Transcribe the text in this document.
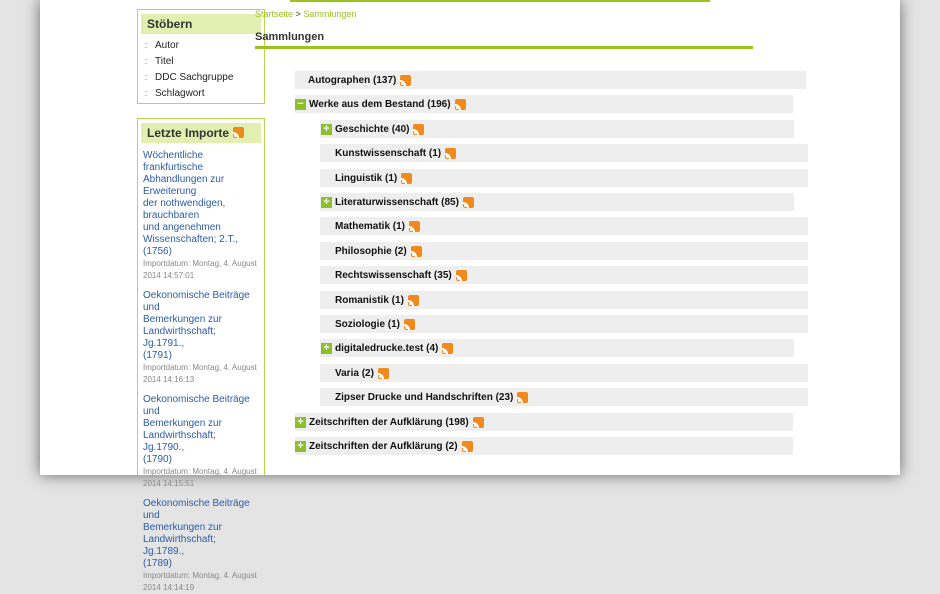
Stöbern
:: Autor
:: Titel
:: DDC Sachgruppe
:: Schlagwort
Letzte Importe
Wöchentliche frankfurtische
Abhandlungen zur Erweiterung
der nothwendigen, brauchbaren
und angenehmen
Wissenschaften; 2.T., (1756)
Importdatum: Montag, 4. August
2014 14:57:01
Oekonomische Beiträge und
Bemerkungen zur
Landwirthschaft; Jg.1791.,
(1791)
Importdatum: Montag, 4. August
2014 14:16:13
Oekonomische Beiträge und
Bemerkungen zur
Landwirthschaft; Jg.1790.,
(1790)
Importdatum: Montag, 4. August
2014 14:15:51
Oekonomische Beiträge und
Bemerkungen zur
Landwirthschaft; Jg.1789.,
(1789)
Importdatum: Montag, 4. August
2014 14:14:19
Startseite > Sammlungen
Sammlungen
Autographen (137)
− Werke aus dem Bestand (196)
+ Geschichte (40)
Kunstwissenschaft (1)
Linguistik (1)
+ Literaturwissenschaft (85)
Mathematik (1)
Philosophie (2)
Rechtswissenschaft (35)
Romanistik (1)
Soziologie (1)
+ digitaledrucke.test (4)
Varia (2)
Zipser Drucke und Handschriften (23)
+ Zeitschriften der Aufklärung (198)
+ Zeitschriften der Aufklärung (2)
